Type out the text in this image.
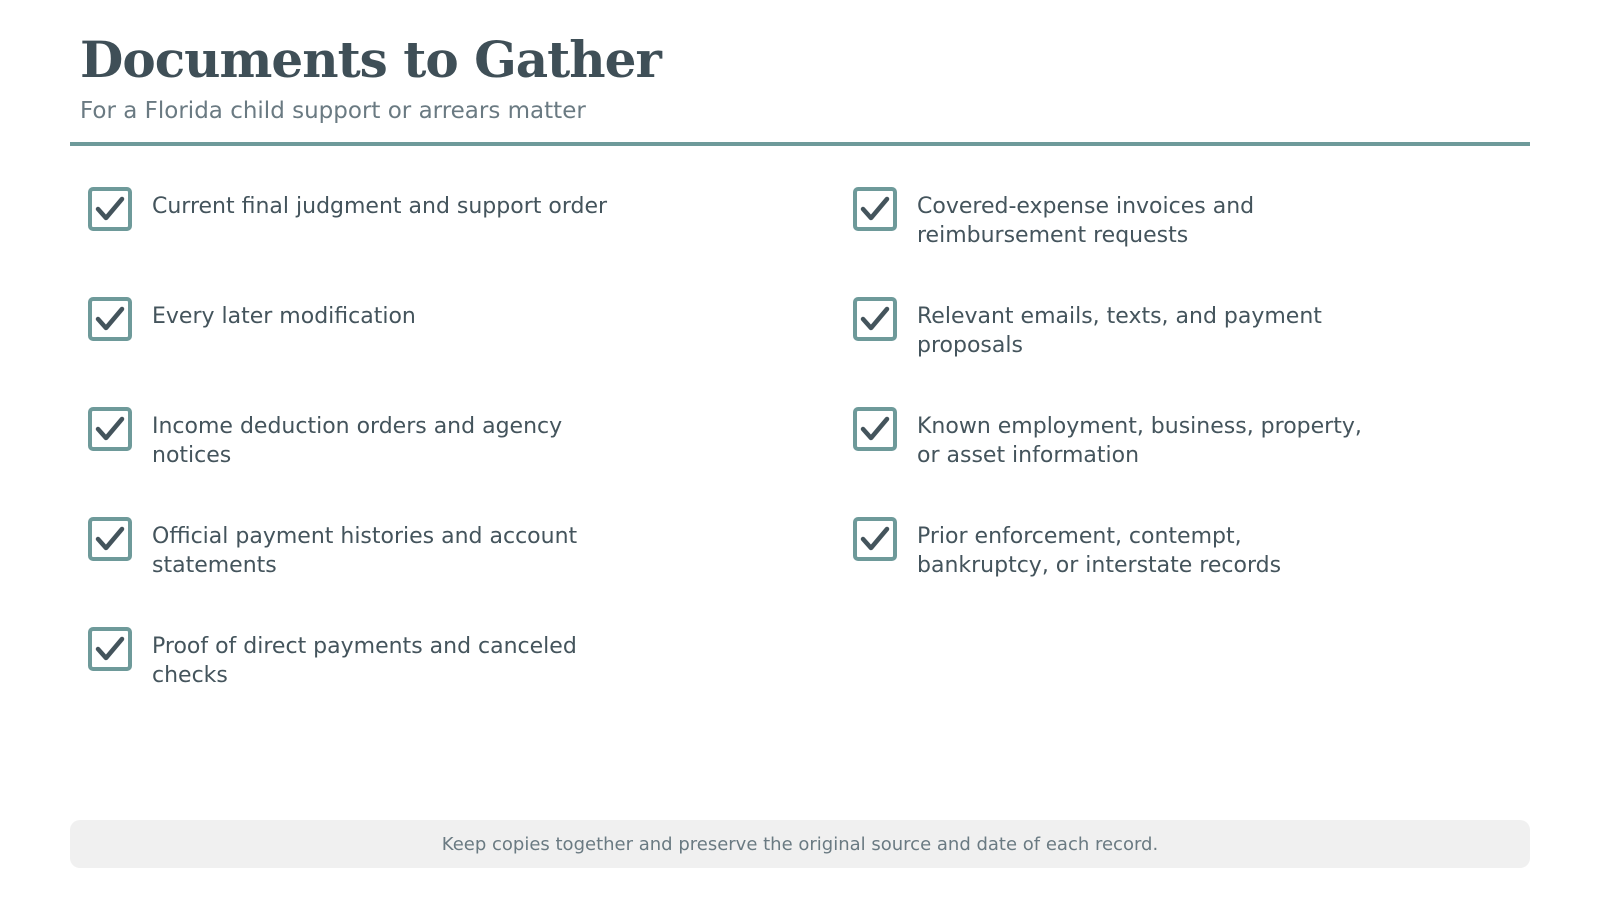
Documents to Gather
For a Florida child support or arrears matter
Current final judgment and support order
Every later modification
Income deduction orders and agency notices
Official payment histories and account statements
Proof of direct payments and canceled checks
Covered-expense invoices and reimbursement requests
Relevant emails, texts, and payment proposals
Known employment, business, property, or asset information
Prior enforcement, contempt, bankruptcy, or interstate records
Keep copies together and preserve the original source and date of each record.
